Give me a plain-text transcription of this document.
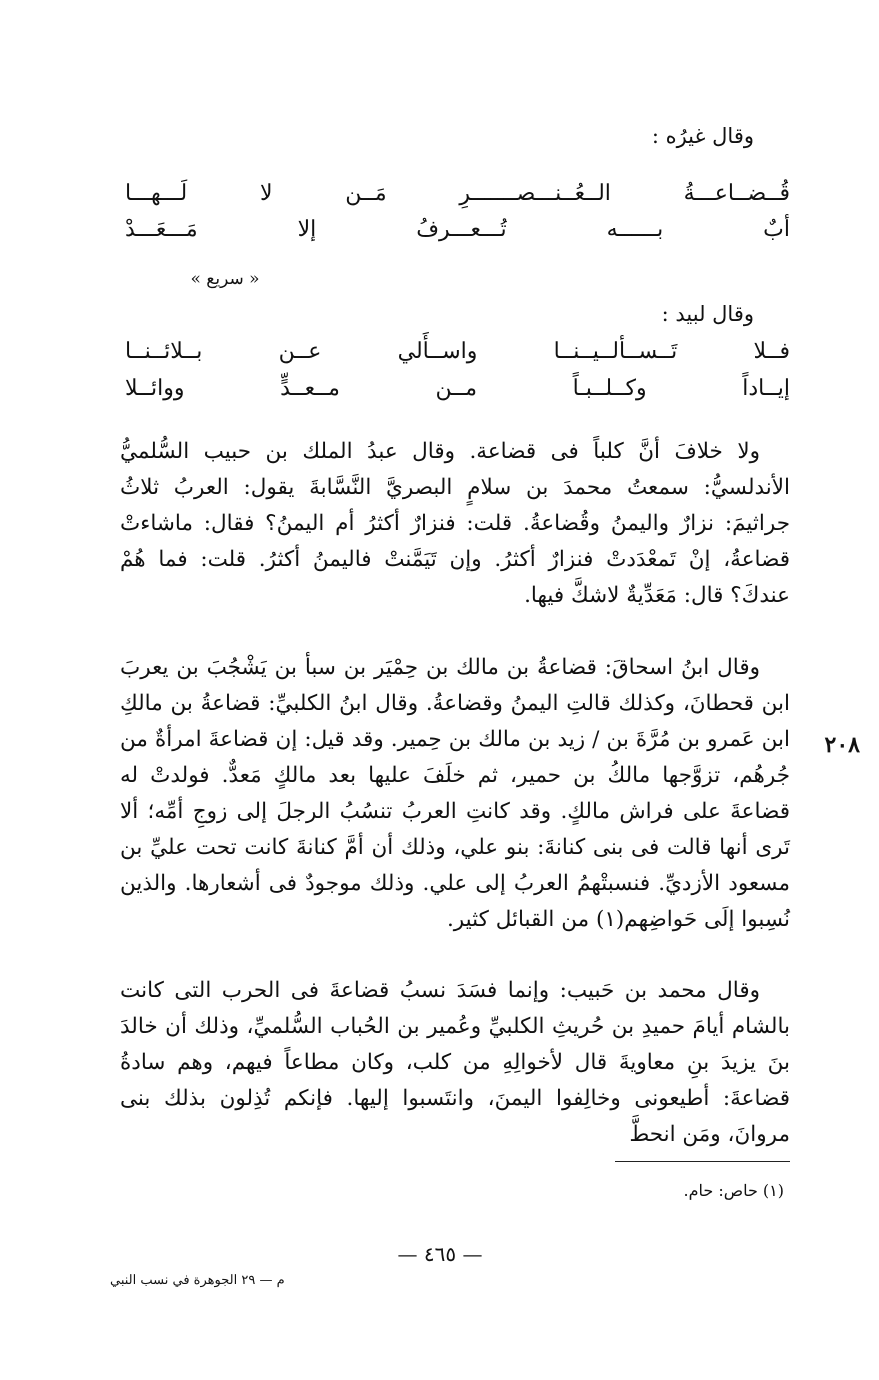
وقال غيرُه :
قُــضــاعـــةُ الــعُــنـــصـــــــرِ مَــن لا لَـــهـــا
أبٌ بــــــه تُـــعـــرفُ إلا مَـــعَـــدْ
« سريع »
وقال لبيد :
فــلا تَــســألــيــنــا واســأَلي عــن بــلائــنــا
إيــاداً وكــلــبـاً مــن مــعــدٍّ ووائــلا
ولا خلافَ أنَّ كلباً فى قضاعة. وقال عبدُ الملك بن حبيب السُّلميُّ الأندلسيُّ: سمعتُ محمدَ بن سلامٍ البصريَّ النَّسَّابةَ يقول: العربُ ثلاثُ جراثيمَ: نزارٌ واليمنُ وقُضاعةُ. قلت: فنزارٌ أكثرُ أم اليمنُ؟ فقال: ماشاءتْ قضاعةُ، إنْ تَمعْدَدتْ فنزارٌ أكثرُ. وإن تَيَمَّنتْ فاليمنُ أكثرُ. قلت: فما هُمْ عندكَ؟ قال: مَعَدِّيةٌ لاشكَّ فيها.
وقال ابنُ اسحاقَ: قضاعةُ بن مالك بن حِمْيَر بن سبأ بن يَشْجُبَ بن يعربَ ابن قحطانَ، وكذلك قالتِ اليمنُ وقضاعةُ. وقال ابنُ الكلبيِّ: قضاعةُ بن مالكِ ابن عَمرو بن مُرَّةَ بن / زيد بن مالك بن حِمير. وقد قيل: إن قضاعةَ امرأةٌ من جُرهُم، تزوَّجها مالكُ بن حمير، ثم خلَفَ عليها بعد مالكٍ مَعدٌّ. فولدتْ له قضاعةَ على فراش مالكٍ. وقد كانتِ العربُ تنسُبُ الرجلَ إلى زوجِ أمِّه؛ ألا تَرى أنها قالت فى بنى كنانةَ: بنو علي، وذلك أن أمَّ كنانةَ كانت تحت عليِّ بن مسعود الأزديِّ. فنسبتْهمُ العربُ إلى علي. وذلك موجودٌ فى أشعارها. والذين نُسِبوا إلَى حَواضِهم(١) من القبائل كثير.
٢٠٨
وقال محمد بن حَبيب: وإنما فسَدَ نسبُ قضاعةَ فى الحرب التى كانت بالشام أيامَ حميدِ بن حُريثِ الكلبيِّ وعُمير بن الحُباب السُّلميِّ، وذلك أن خالدَ بنَ يزيدَ بنِ معاويةَ قال لأخوالِهِ من كلب، وكان مطاعاً فيهم، وهم سادةُ قضاعةَ: أطيعونى وخالِفوا اليمنَ، وانتَسبوا إليها. فإنكم تُذِلون بذلك بنى مروانَ، ومَن انحطَّ
(١) حاص: حام.
— ٤٦٥ —
م — ٢٩ الجوهرة في نسب النبي
